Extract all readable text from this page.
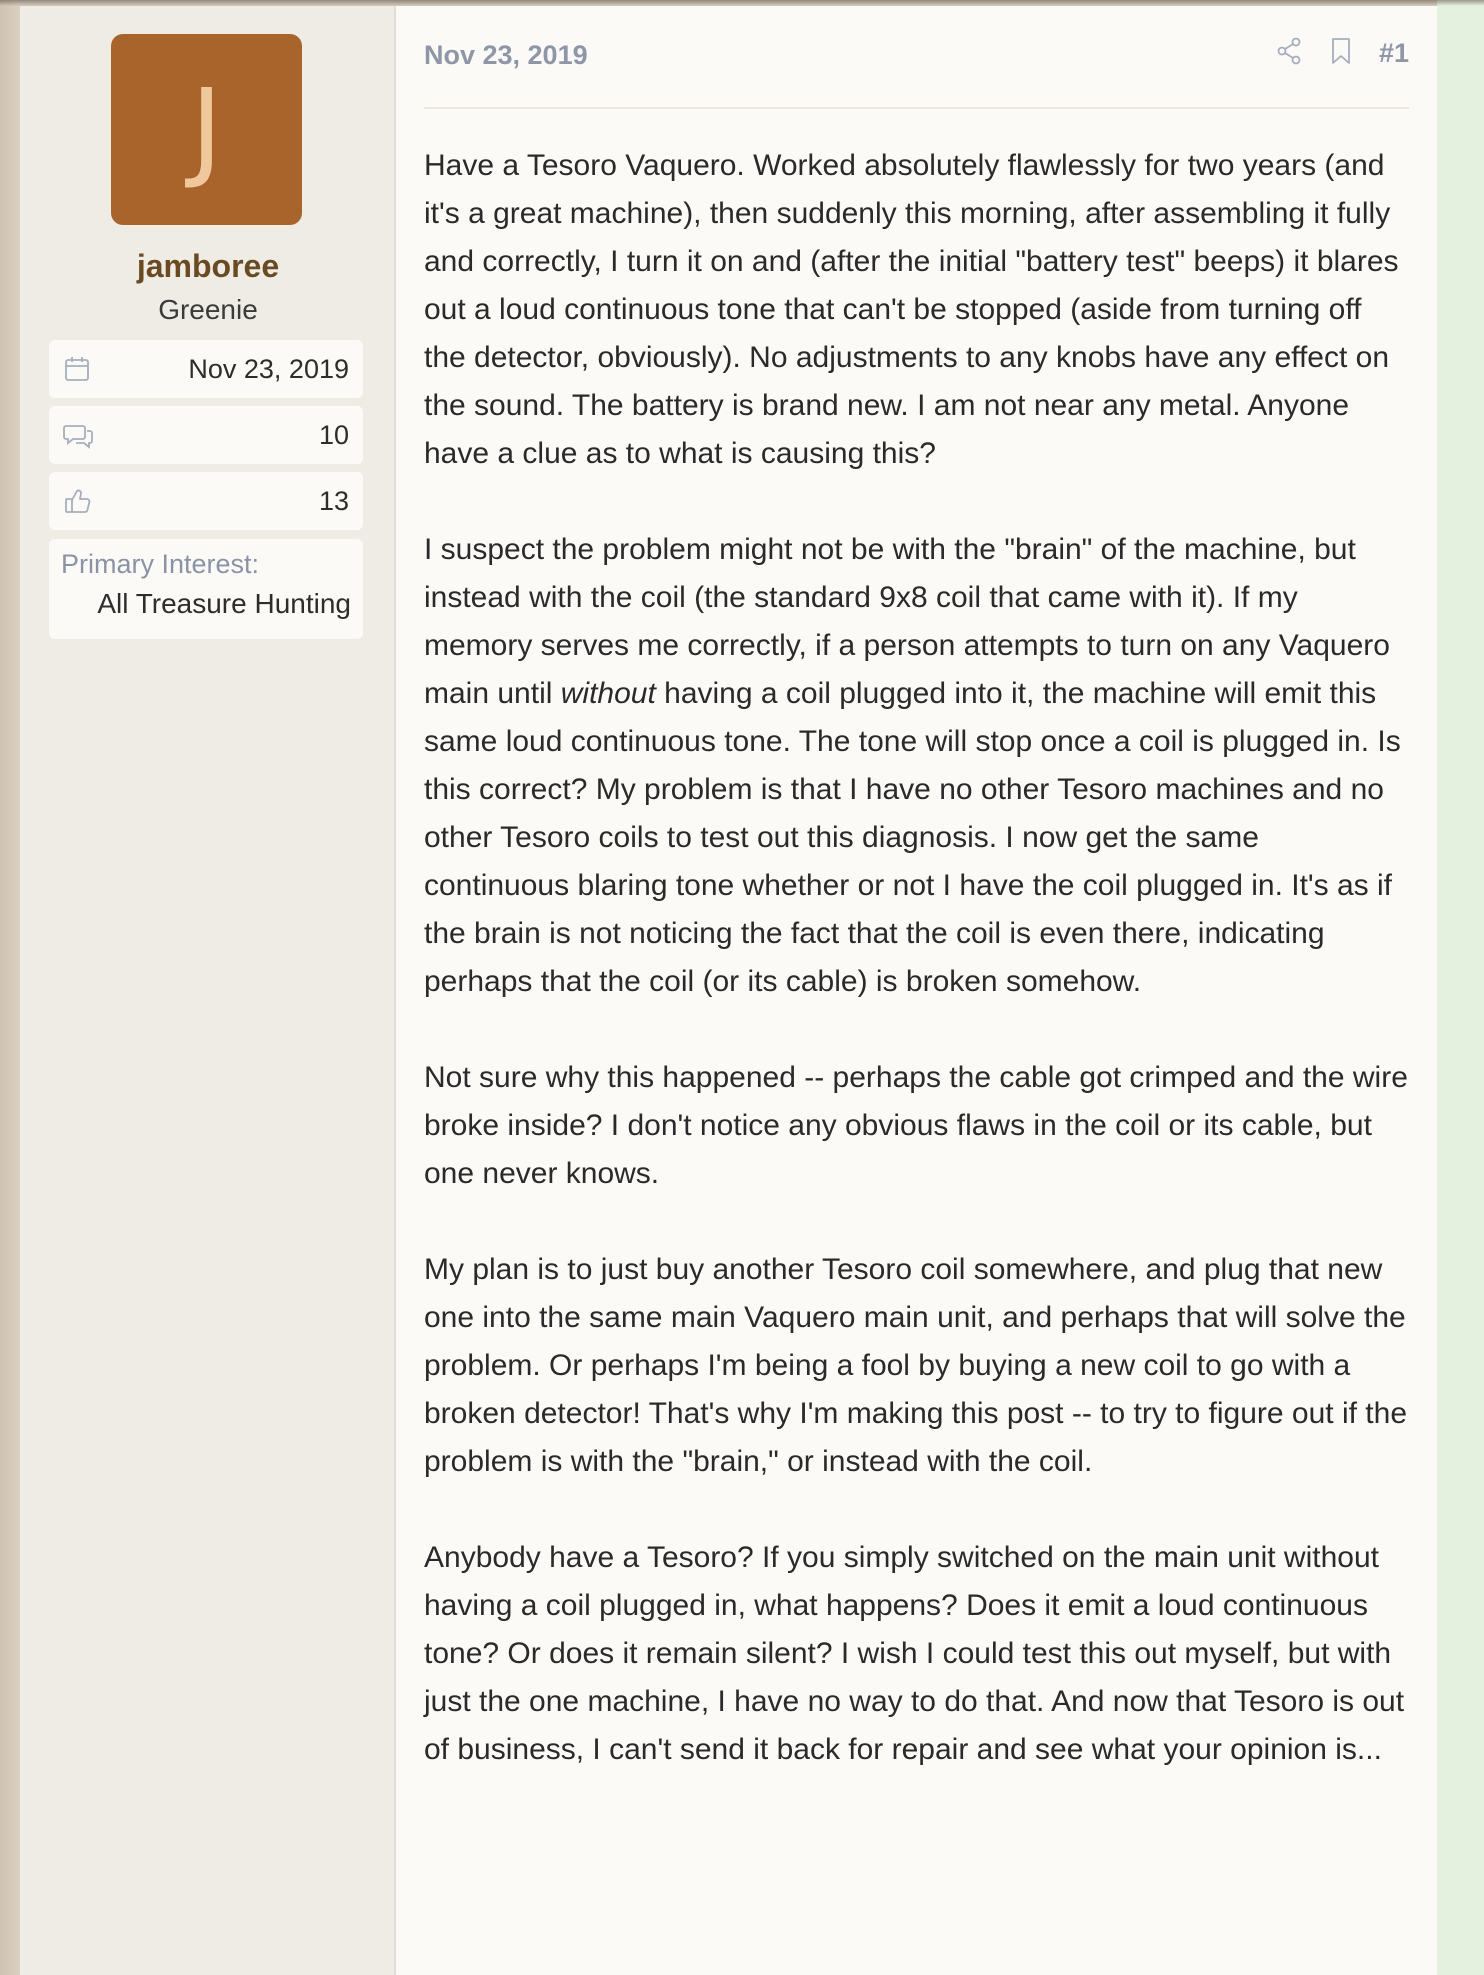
J
jamboree
Greenie
Nov 23, 2019
10
13
Primary Interest:
All Treasure Hunting
Nov 23, 2019	#1

Have a Tesoro Vaquero. Worked absolutely flawlessly for two years (and it's a great machine), then suddenly this morning, after assembling it fully and correctly, I turn it on and (after the initial "battery test" beeps) it blares out a loud continuous tone that can't be stopped (aside from turning off the detector, obviously). No adjustments to any knobs have any effect on the sound. The battery is brand new. I am not near any metal. Anyone have a clue as to what is causing this?

I suspect the problem might not be with the "brain" of the machine, but instead with the coil (the standard 9x8 coil that came with it). If my memory serves me correctly, if a person attempts to turn on any Vaquero main until without having a coil plugged into it, the machine will emit this same loud continuous tone. The tone will stop once a coil is plugged in. Is this correct? My problem is that I have no other Tesoro machines and no other Tesoro coils to test out this diagnosis. I now get the same continuous blaring tone whether or not I have the coil plugged in. It's as if the brain is not noticing the fact that the coil is even there, indicating perhaps that the coil (or its cable) is broken somehow.

Not sure why this happened -- perhaps the cable got crimped and the wire broke inside? I don't notice any obvious flaws in the coil or its cable, but one never knows.

My plan is to just buy another Tesoro coil somewhere, and plug that new one into the same main Vaquero main unit, and perhaps that will solve the problem. Or perhaps I'm being a fool by buying a new coil to go with a broken detector! That's why I'm making this post -- to try to figure out if the problem is with the "brain," or instead with the coil.

Anybody have a Tesoro? If you simply switched on the main unit without having a coil plugged in, what happens? Does it emit a loud continuous tone? Or does it remain silent? I wish I could test this out myself, but with just the one machine, I have no way to do that. And now that Tesoro is out of business, I can't send it back for repair and see what your opinion is...
